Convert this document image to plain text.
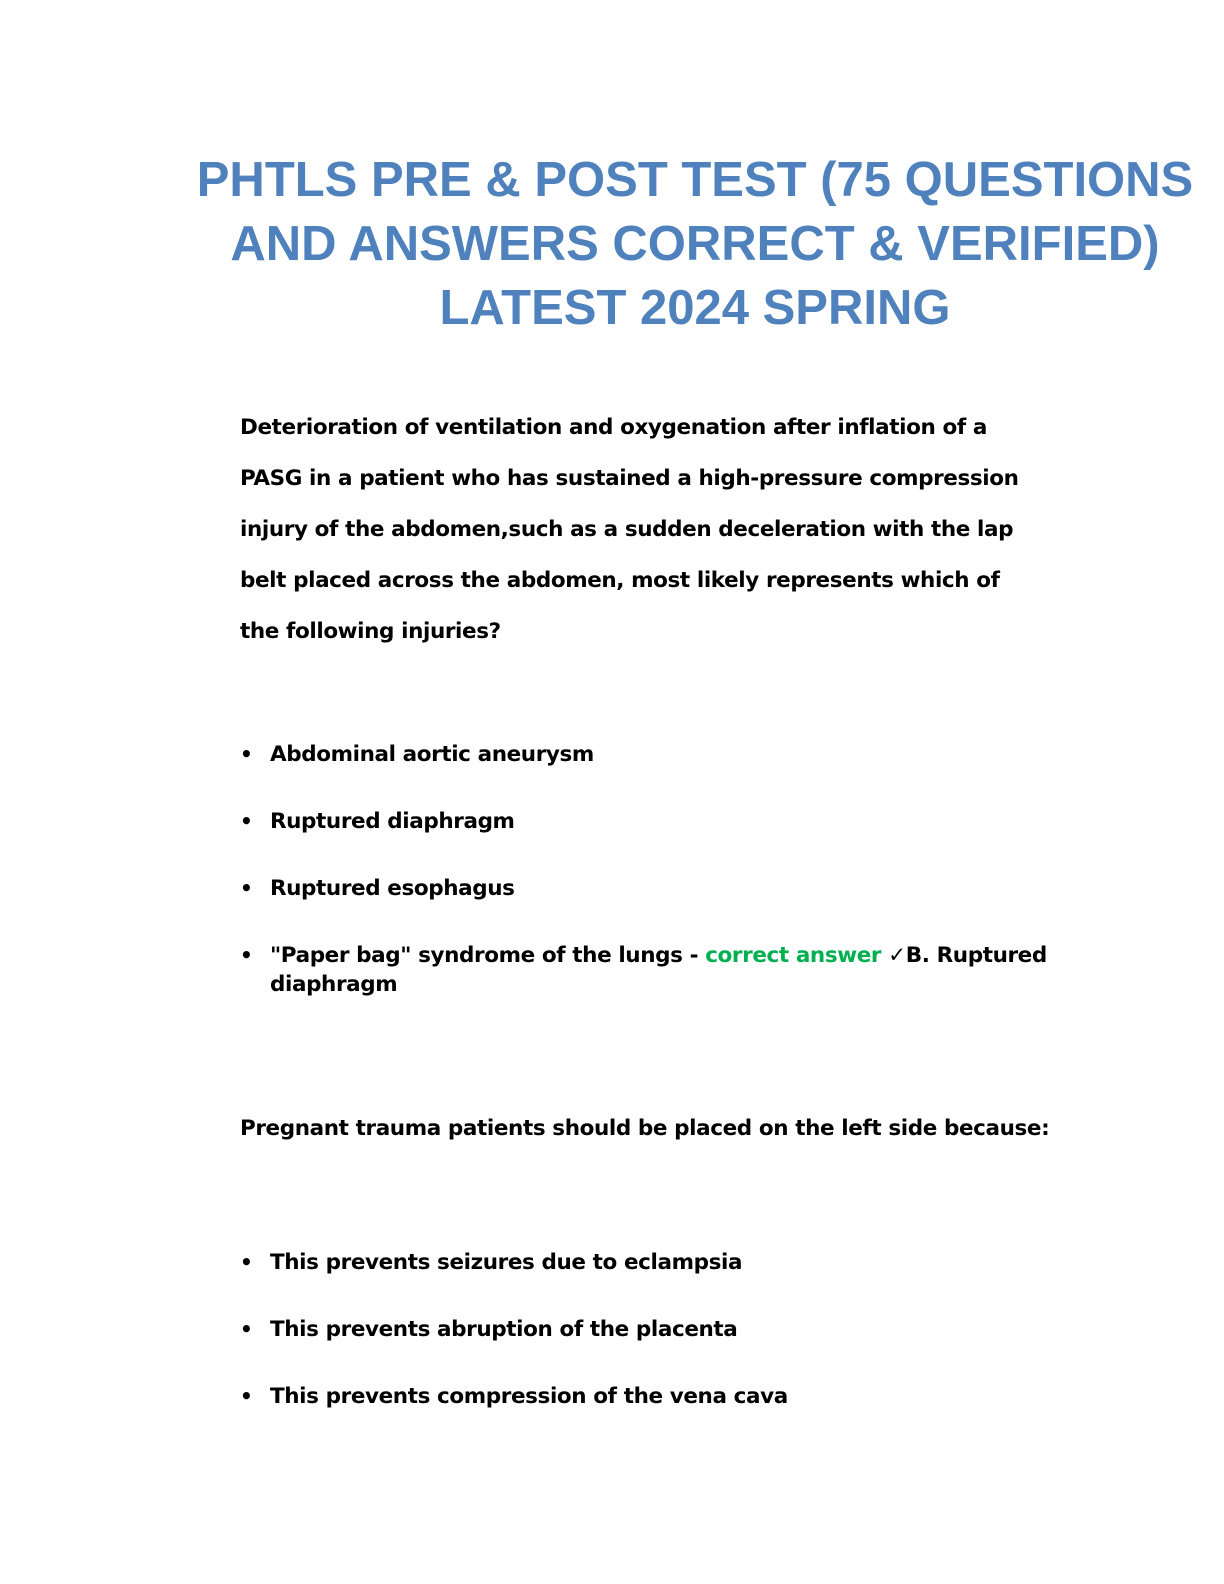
PHTLS PRE & POST TEST (75 QUESTIONS
AND ANSWERS CORRECT & VERIFIED)
LATEST 2024 SPRING

Deterioration of ventilation and oxygenation after inflation of a
PASG in a patient who has sustained a high-pressure compression
injury of the abdomen,such as a sudden deceleration with the lap
belt placed across the abdomen, most likely represents which of
the following injuries?

• Abdominal aortic aneurysm
• Ruptured diaphragm
• Ruptured esophagus
• "Paper bag" syndrome of the lungs - correct answer ✓B. Ruptured diaphragm

Pregnant trauma patients should be placed on the left side because:

• This prevents seizures due to eclampsia
• This prevents abruption of the placenta
• This prevents compression of the vena cava
